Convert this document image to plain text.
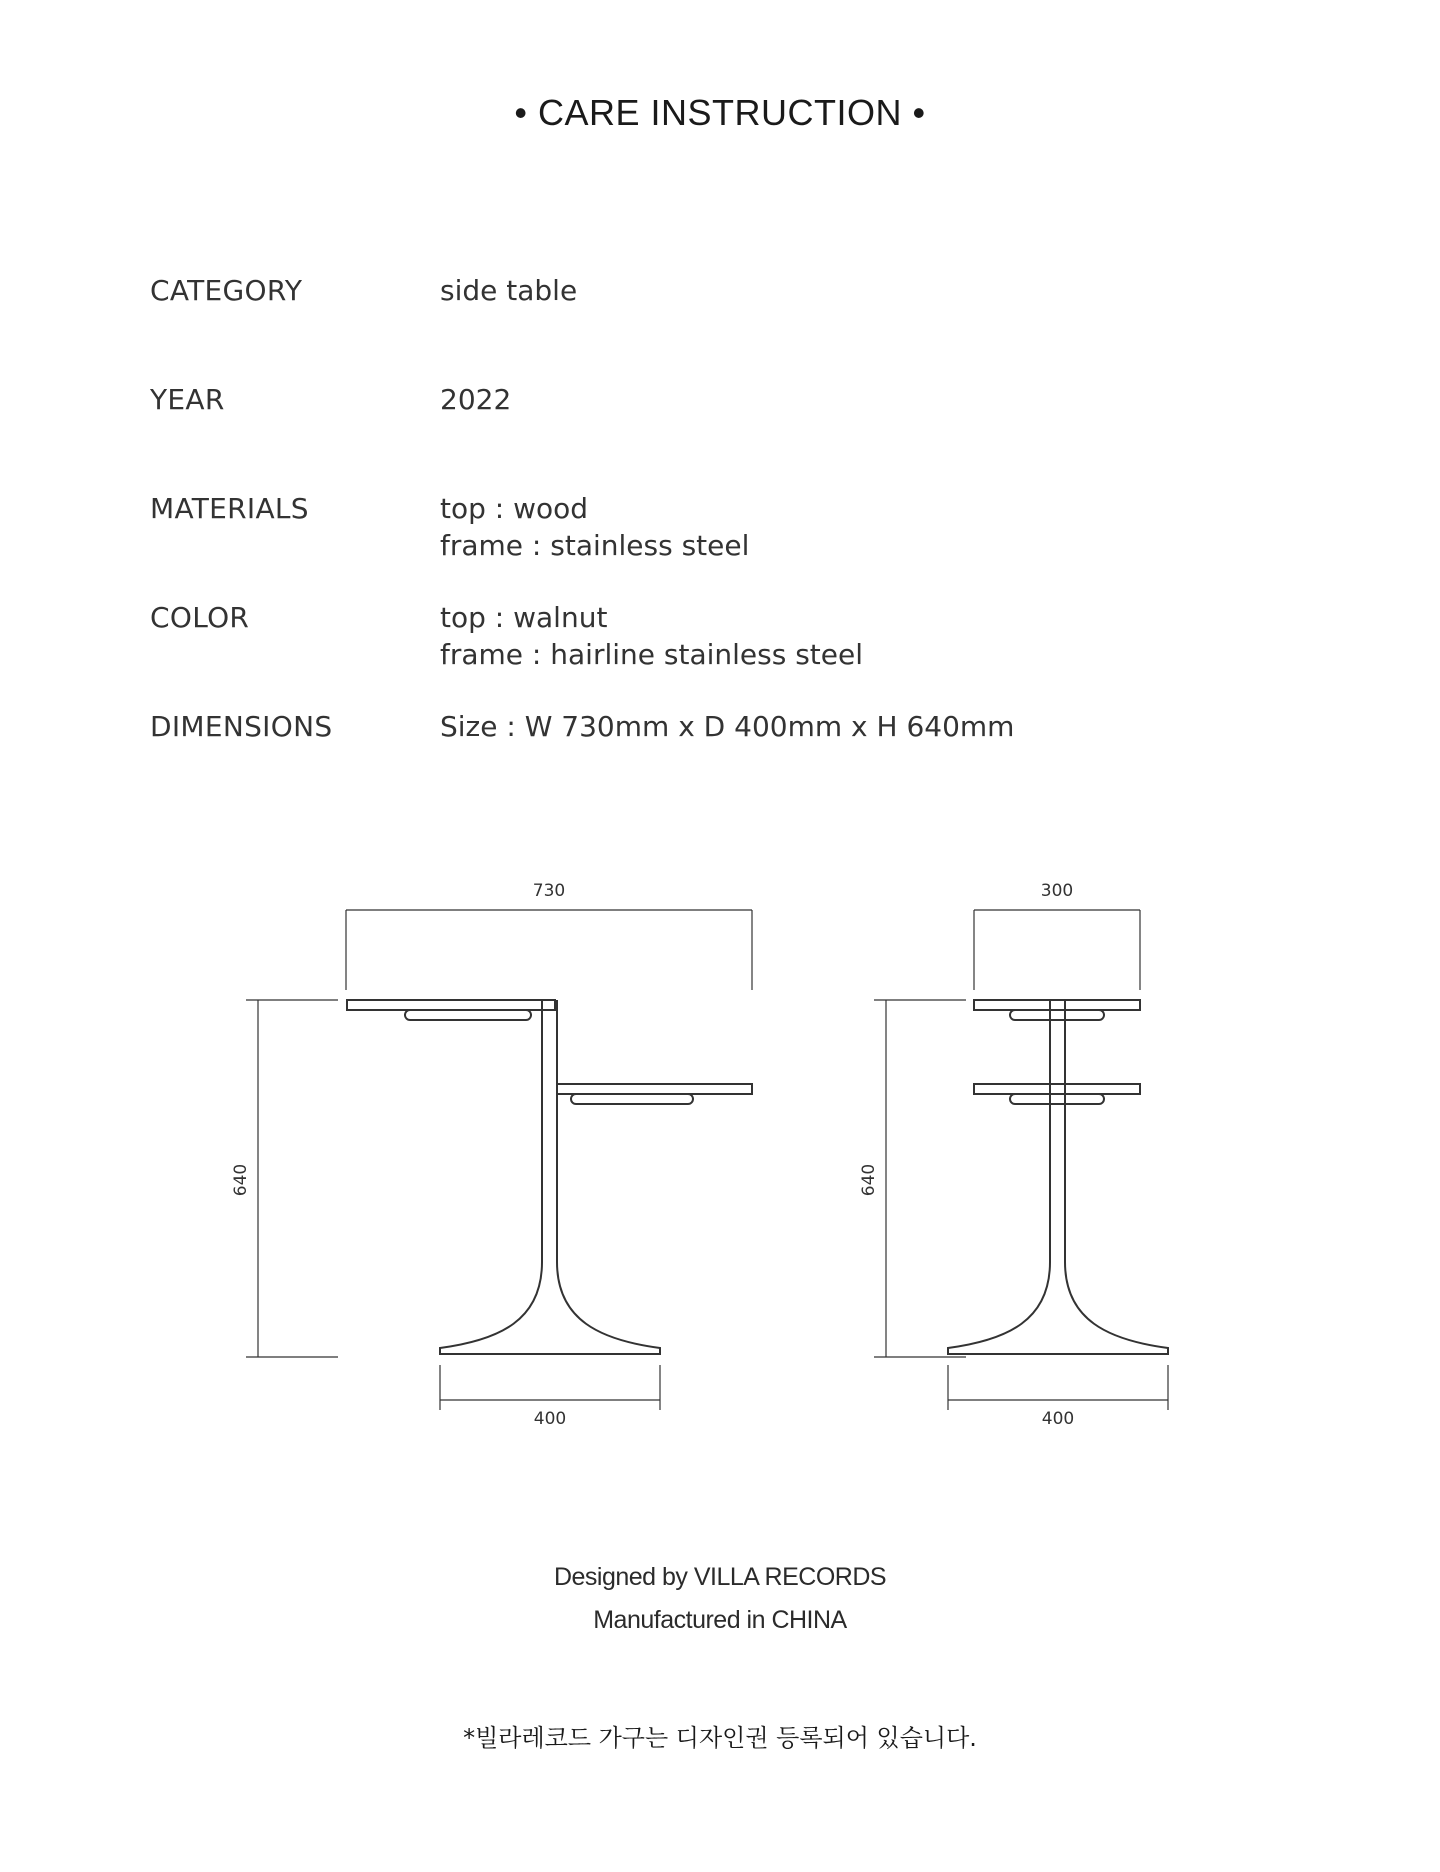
• CARE INSTRUCTION •
CATEGORY	side table
YEAR	2022
MATERIALS	top : wood
frame : stainless steel
COLOR	top : walnut
frame : hairline stainless steel
DIMENSIONS	Size : W 730mm x D 400mm x H 640mm
730
640
400
300
640
400
Designed by VILLA RECORDS
Manufactured in CHINA
*빌라레코드 가구는 디자인권 등록되어 있습니다.
